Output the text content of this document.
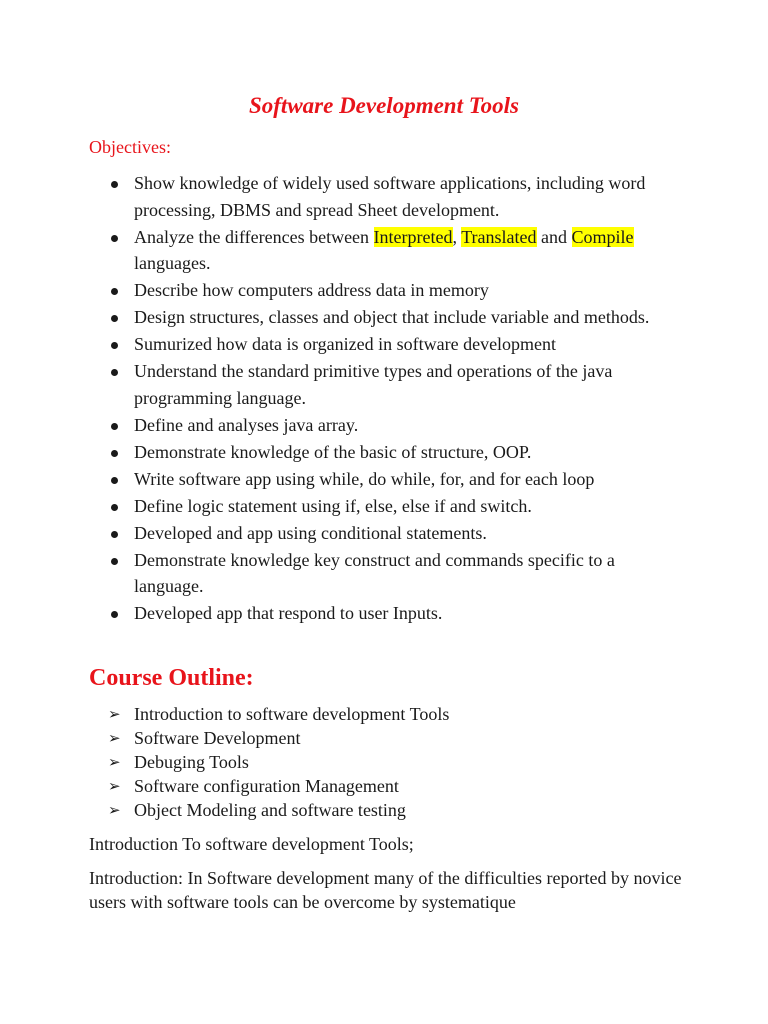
Software Development Tools

Objectives:

Show knowledge of widely used software applications, including word processing, DBMS and spread Sheet development.
Analyze the differences between Interpreted, Translated and Compile languages.
Describe how computers address data in memory
Design structures, classes and object that include variable and methods.
Sumurized how data is organized in software development
Understand the standard primitive types and operations of the java programming language.
Define and analyses java array.
Demonstrate knowledge of the basic of structure, OOP.
Write software app using while, do while, for, and for each loop
Define logic statement using if, else, else if and switch.
Developed and app using conditional statements.
Demonstrate knowledge key construct and commands specific to a language.
Developed app that respond to user Inputs.
Course Outline:
➢ Introduction to software development Tools
➢ Software Development
➢ Debuging Tools
➢ Software configuration Management
➢ Object Modeling and software testing

Introduction To software development Tools;

Introduction: In Software development many of the difficulties reported by novice users with software tools can be overcome by systematique
